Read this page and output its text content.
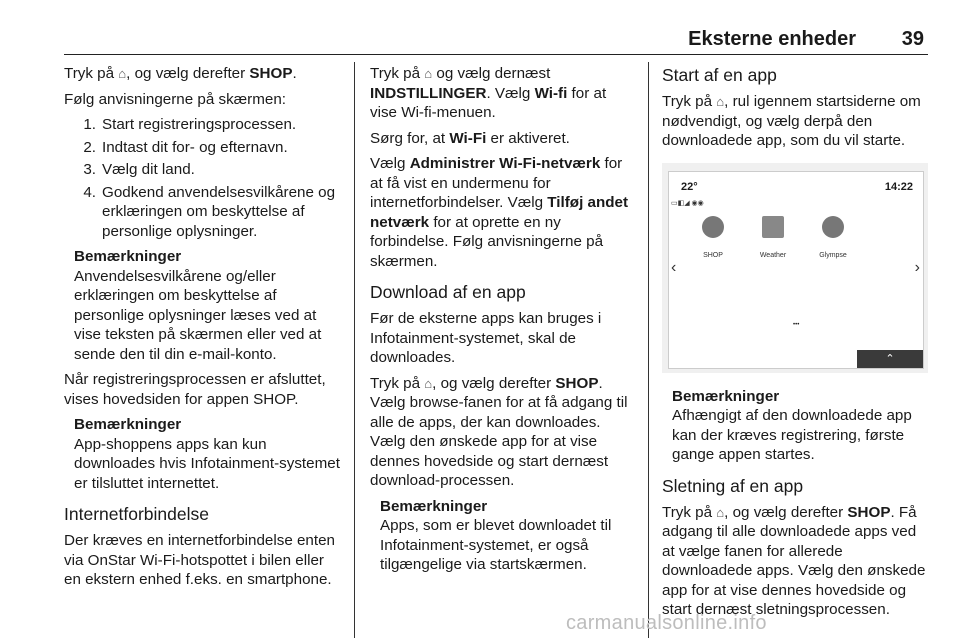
Eksterne enheder 39

Tryk på ⌂, og vælg derefter SHOP.

Følg anvisningerne på skærmen:

1. Start registreringsprocessen.
2. Indtast dit for- og efternavn.
3. Vælg dit land.
4. Godkend anvendelsesvilkårene og erklæringen om beskyttelse af personlige oplysninger.
Bemærkninger
Anvendelsesvilkårene og/eller erklæringen om beskyttelse af personlige oplysninger læses ved at vise teksten på skærmen eller ved at sende den til din e-mail-konto.

Når registreringsprocessen er afsluttet, vises hovedsiden for appen SHOP.

Bemærkninger
App-shoppens apps kan kun downloades hvis Infotainment-systemet er tilsluttet internettet.
Internetforbindelse

Der kræves en internetforbindelse enten via OnStar Wi-Fi-hotspottet i bilen eller en ekstern enhed f.eks. en smartphone.

Tryk på ⌂ og vælg dernæst INDSTILLINGER. Vælg Wi-fi for at vise Wi-fi-menuen.

Sørg for, at Wi-Fi er aktiveret.

Vælg Administrer Wi-Fi-netværk for at få vist en undermenu for internetforbindelser. Vælg Tilføj andet netværk for at oprette en ny forbindelse. Følg anvisningerne på skærmen.

Download af en app

Før de eksterne apps kan bruges i Infotainment-systemet, skal de downloades.

Tryk på ⌂, og vælg derefter SHOP. Vælg browse-fanen for at få adgang til alle de apps, der kan downloades. Vælg den ønskede app for at vise dennes hovedside og start dernæst download-processen.

Bemærkninger
Apps, som er blevet downloadet til Infotainment-systemet, er også tilgængelige via startskærmen.
Start af en app

Tryk på ⌂, rul igennem startsiderne om nødvendigt, og vælg derpå den downloadede app, som du vil starte.

22°	14:22
▭◧◢ ◉◉
SHOP	Weather	Glympse
‹	›
•••
⌃
Bemærkninger
Afhængigt af den downloadede app kan der kræves registrering, første gange appen startes.
Sletning af en app

Tryk på ⌂, og vælg derefter SHOP. Få adgang til alle downloadede apps ved at vælge fanen for allerede downloadede apps. Vælg den ønskede app for at vise dennes hovedside og start dernæst sletningsprocessen.

carmanualsonline.info
